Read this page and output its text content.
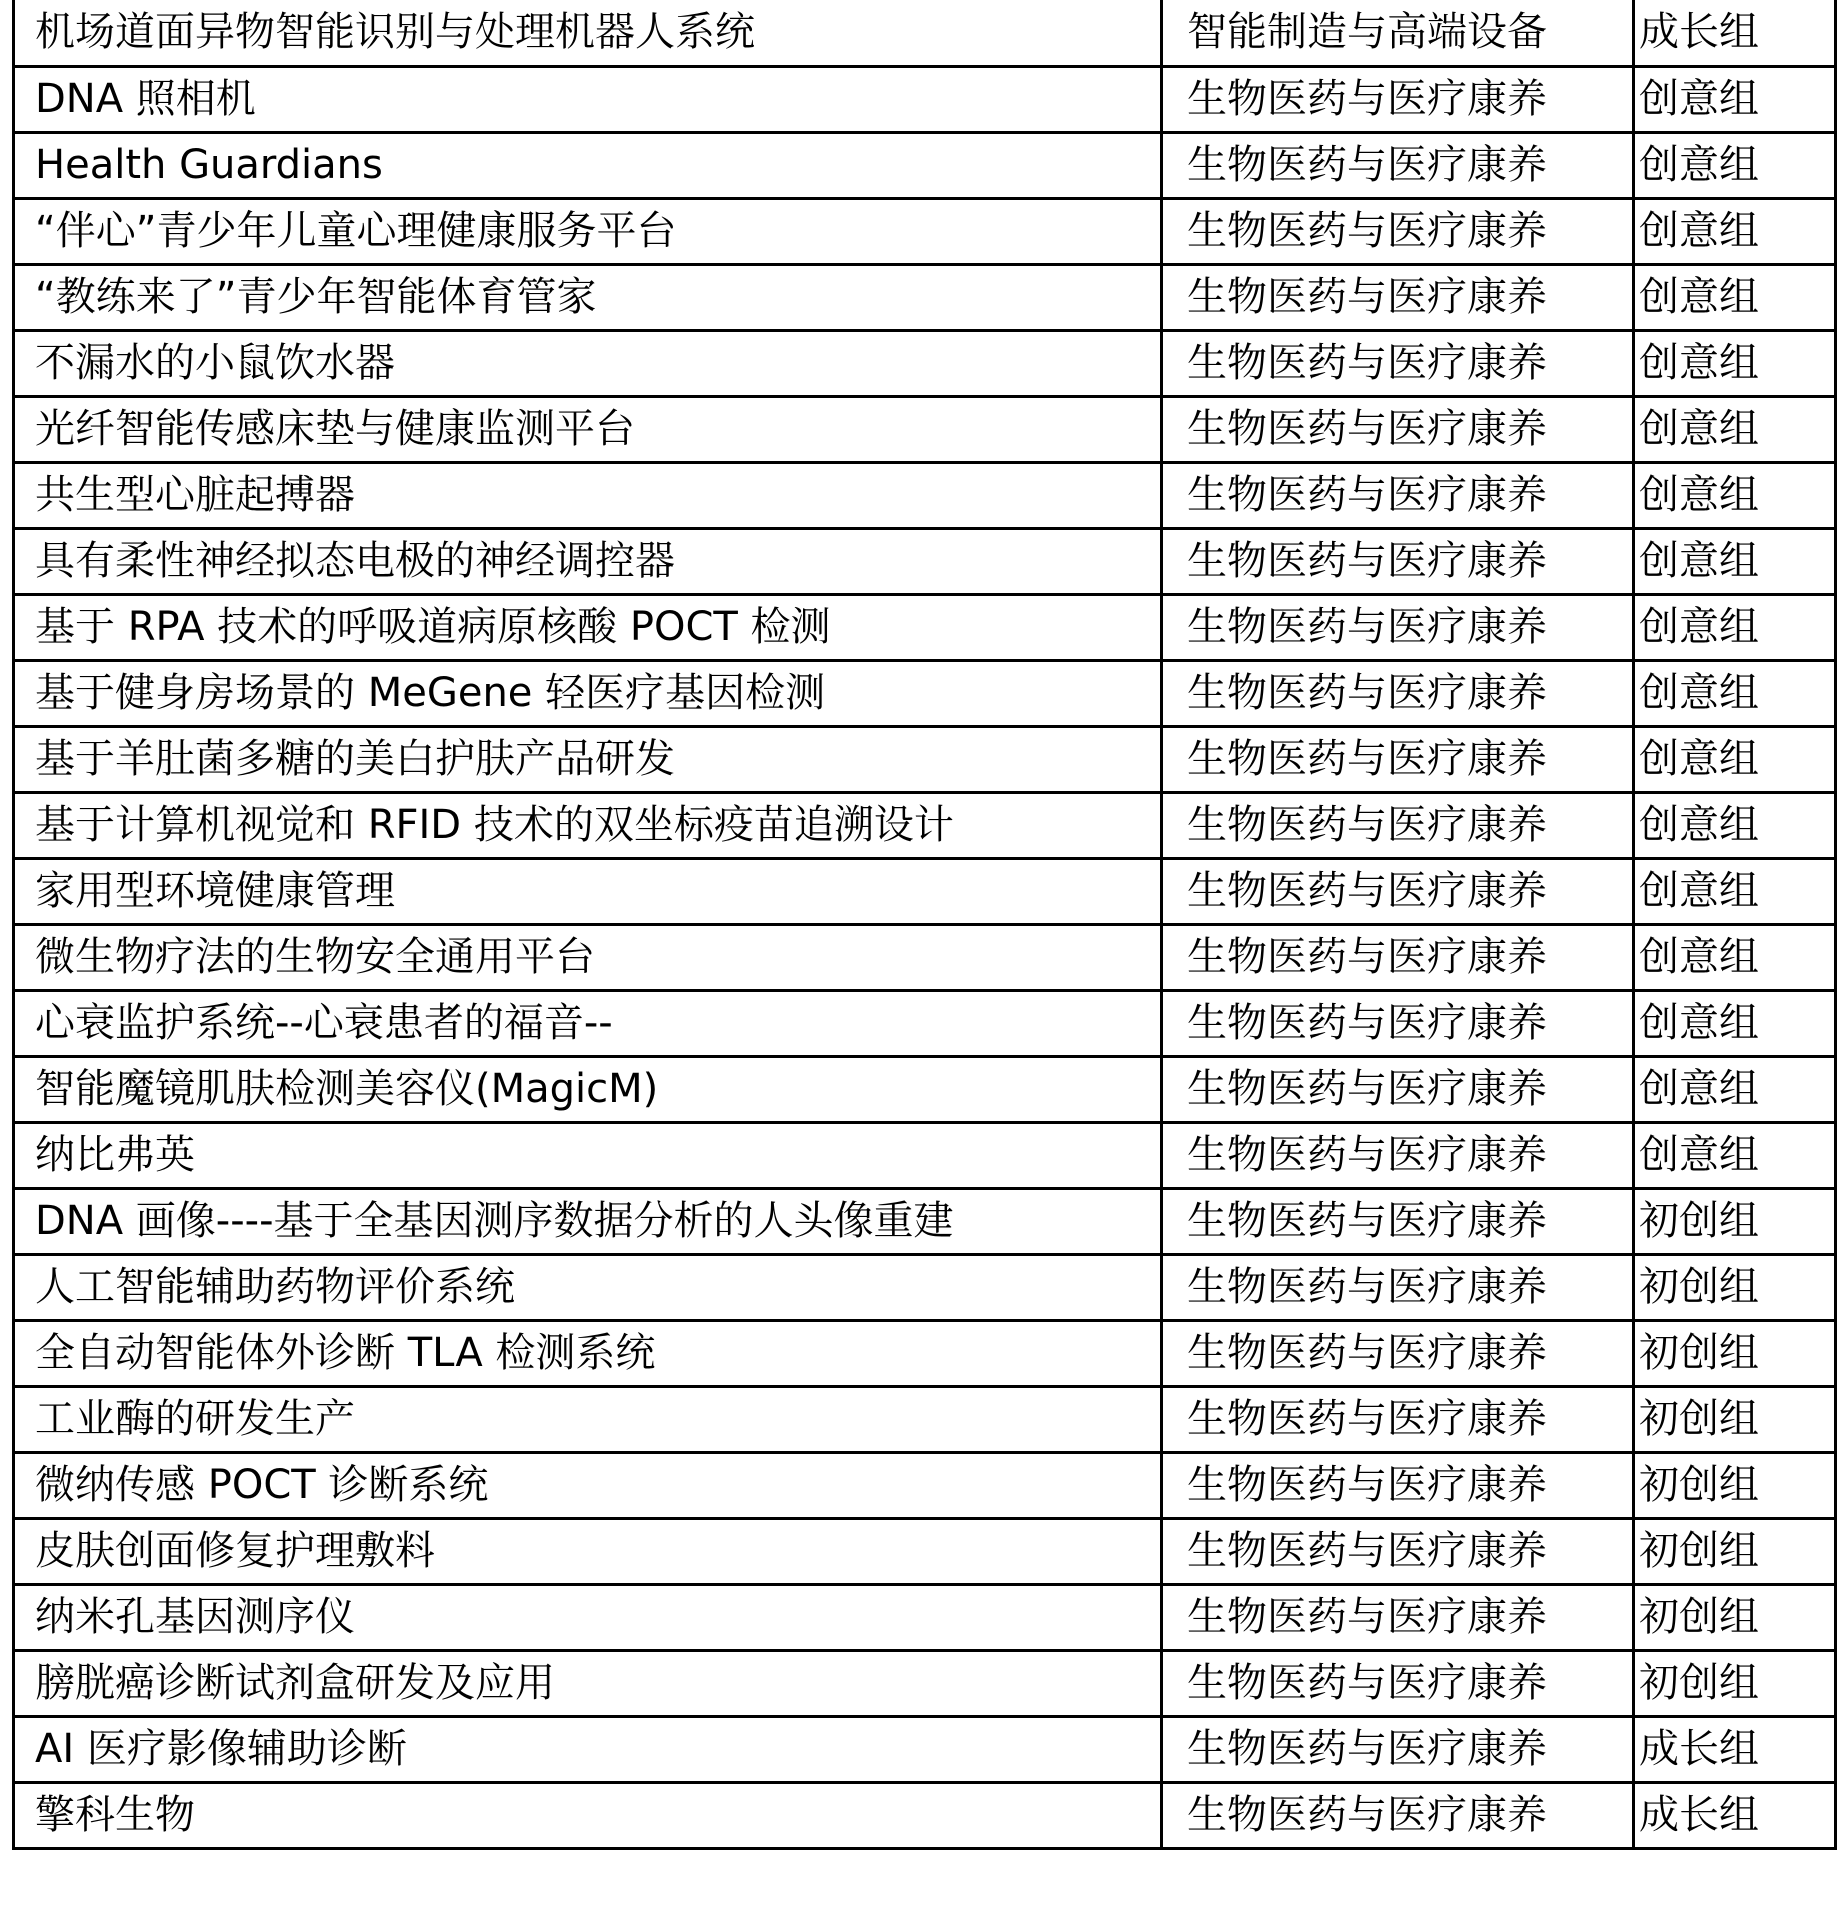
机场道面异物智能识别与处理机器人系统	智能制造与高端设备	成长组
DNA 照相机	生物医药与医疗康养	创意组
Health Guardians	生物医药与医疗康养	创意组
“伴心”青少年儿童心理健康服务平台	生物医药与医疗康养	创意组
“教练来了”青少年智能体育管家	生物医药与医疗康养	创意组
不漏水的小鼠饮水器	生物医药与医疗康养	创意组
光纤智能传感床垫与健康监测平台	生物医药与医疗康养	创意组
共生型心脏起搏器	生物医药与医疗康养	创意组
具有柔性神经拟态电极的神经调控器	生物医药与医疗康养	创意组
基于 RPA 技术的呼吸道病原核酸 POCT 检测	生物医药与医疗康养	创意组
基于健身房场景的 MeGene 轻医疗基因检测	生物医药与医疗康养	创意组
基于羊肚菌多糖的美白护肤产品研发	生物医药与医疗康养	创意组
基于计算机视觉和 RFID 技术的双坐标疫苗追溯设计	生物医药与医疗康养	创意组
家用型环境健康管理	生物医药与医疗康养	创意组
微生物疗法的生物安全通用平台	生物医药与医疗康养	创意组
心衰监护系统--心衰患者的福音--	生物医药与医疗康养	创意组
智能魔镜肌肤检测美容仪(MagicM)	生物医药与医疗康养	创意组
纳比弗英	生物医药与医疗康养	创意组
DNA 画像----基于全基因测序数据分析的人头像重建	生物医药与医疗康养	初创组
人工智能辅助药物评价系统	生物医药与医疗康养	初创组
全自动智能体外诊断 TLA 检测系统	生物医药与医疗康养	初创组
工业酶的研发生产	生物医药与医疗康养	初创组
微纳传感 POCT 诊断系统	生物医药与医疗康养	初创组
皮肤创面修复护理敷料	生物医药与医疗康养	初创组
纳米孔基因测序仪	生物医药与医疗康养	初创组
膀胱癌诊断试剂盒研发及应用	生物医药与医疗康养	初创组
AI 医疗影像辅助诊断	生物医药与医疗康养	成长组
擎科生物	生物医药与医疗康养	成长组
